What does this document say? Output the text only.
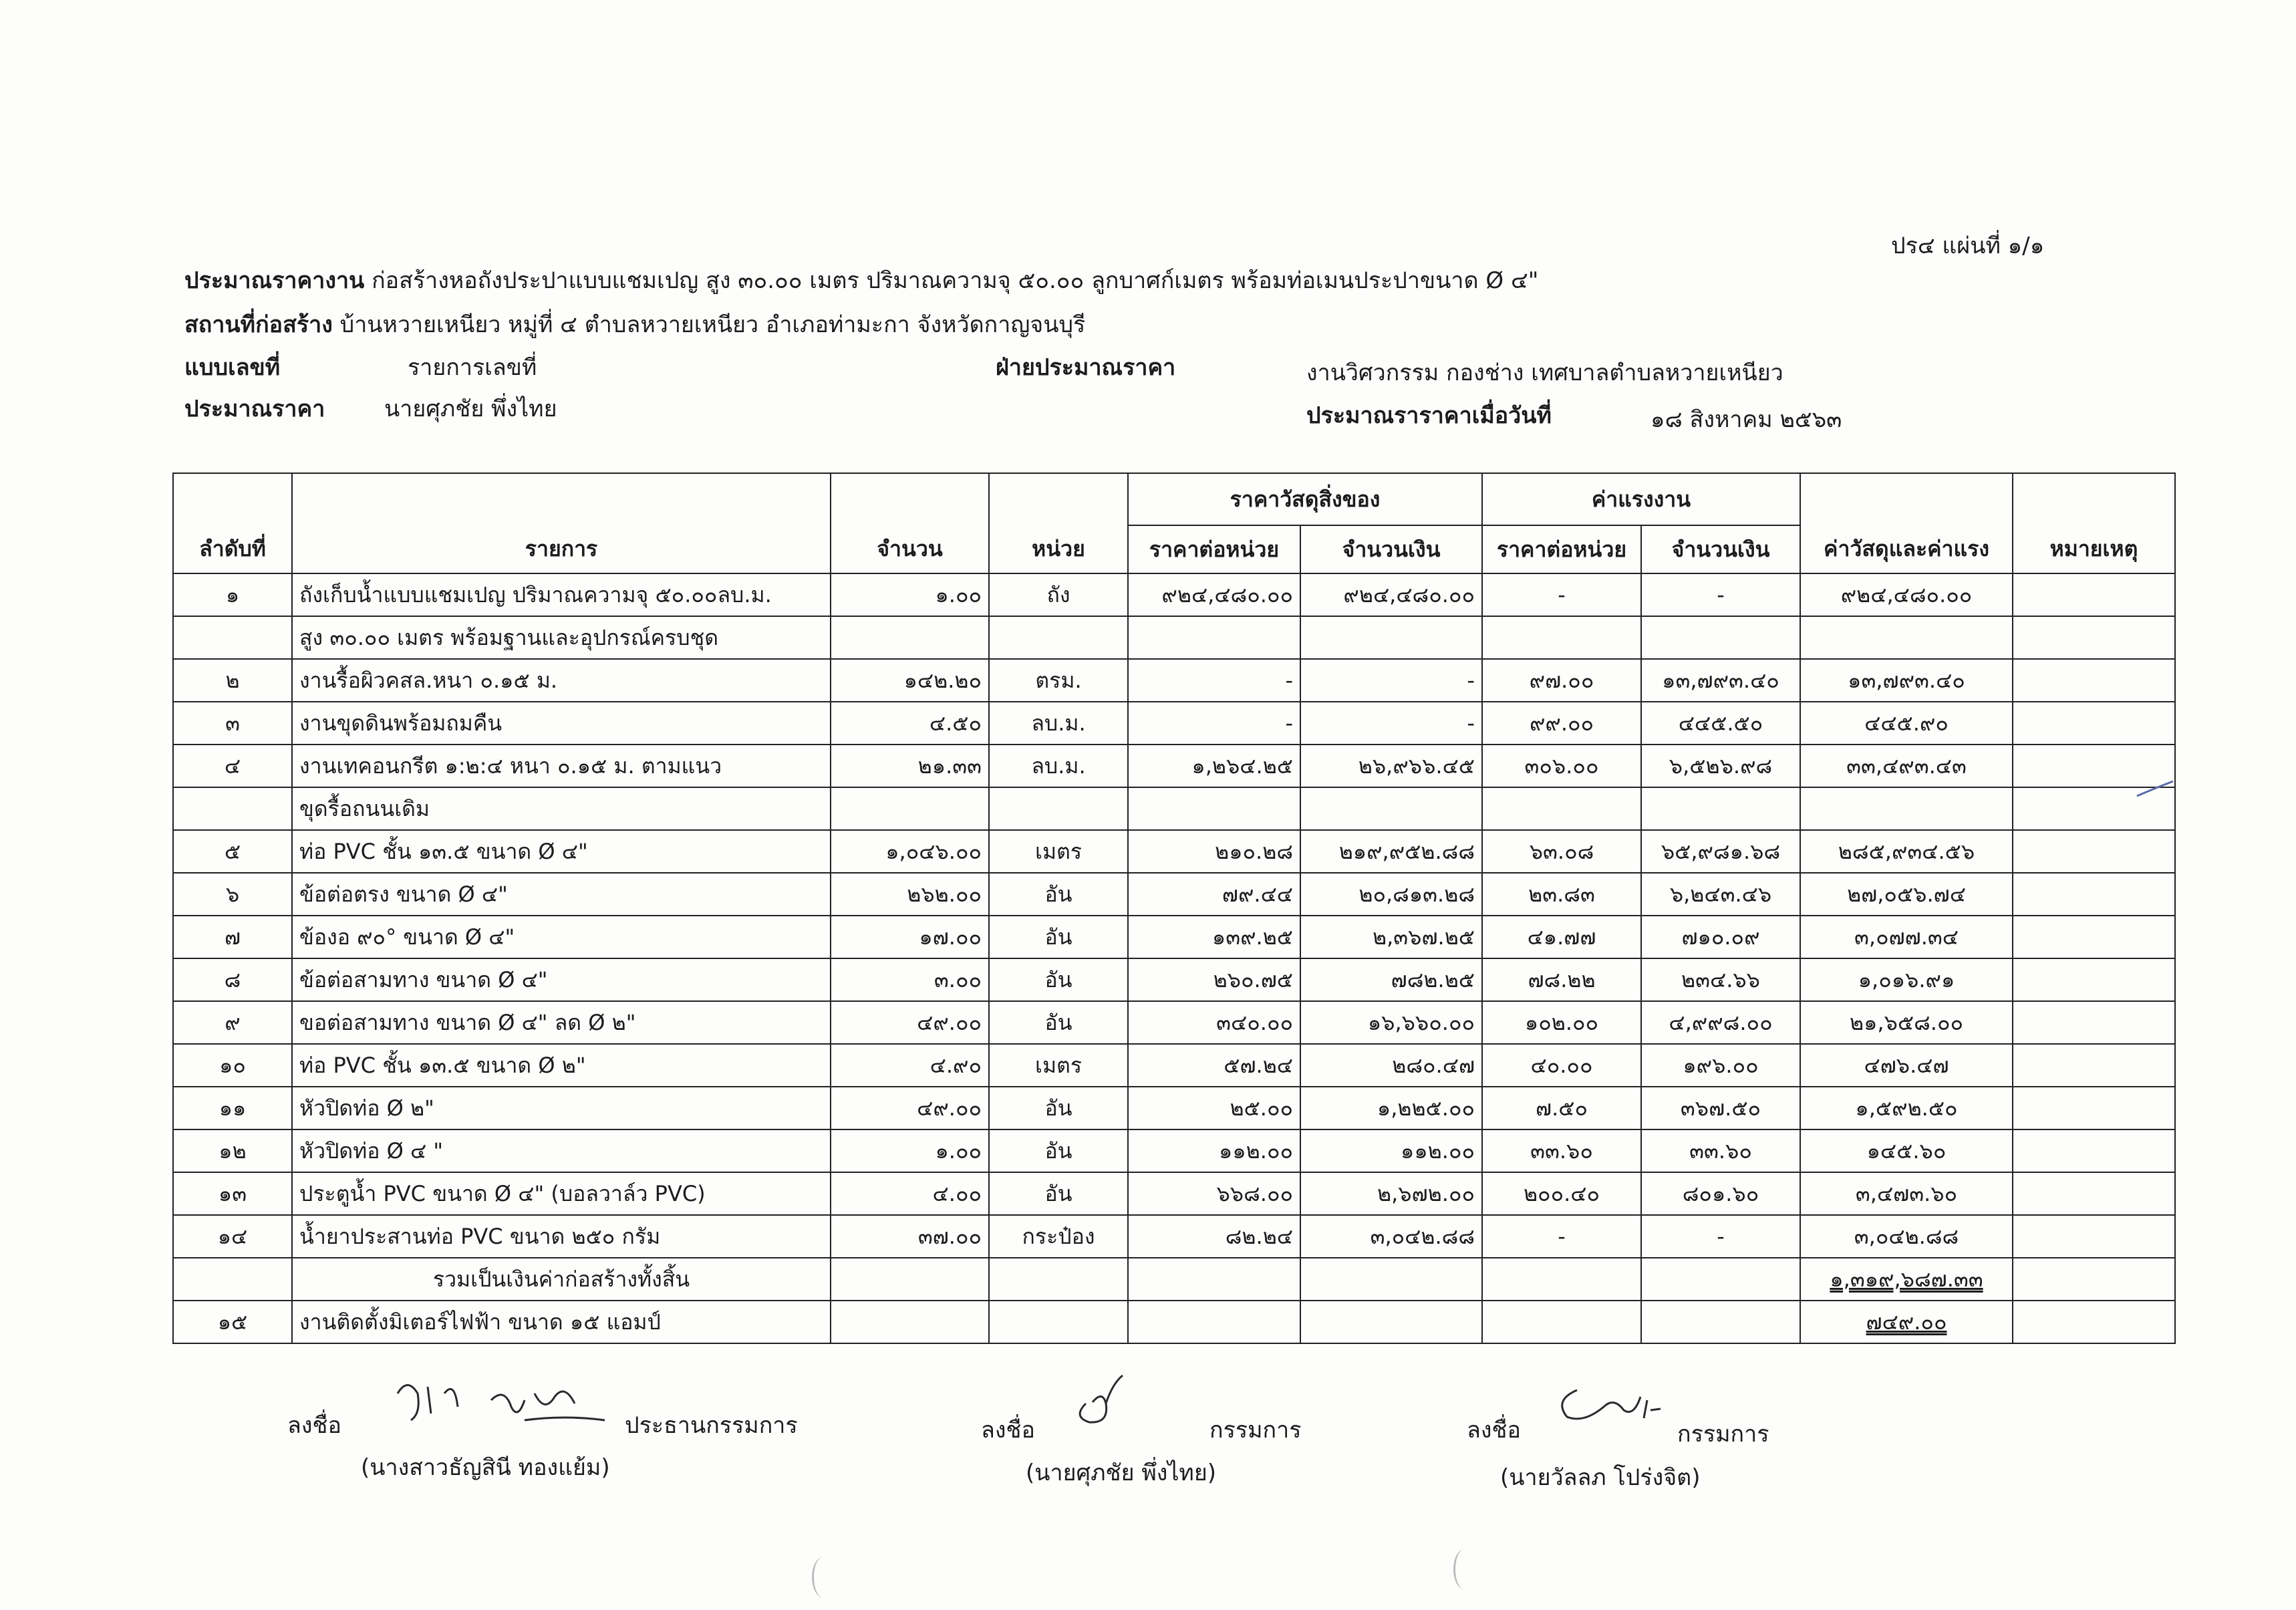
ปร๔ แผ่นที่ ๑/๑
ประมาณราคางาน ก่อสร้างหอถังประปาแบบแชมเปญ สูง ๓๐.๐๐ เมตร ปริมาณความจุ ๕๐.๐๐ ลูกบาศก์เมตร พร้อมท่อเมนประปาขนาด Ø ๔"
สถานที่ก่อสร้าง บ้านหวายเหนียว หมู่ที่ ๔ ตำบลหวายเหนียว อำเภอท่ามะกา จังหวัดกาญจนบุรี
แบบเลขที่	รายการเลขที่	ฝ่ายประมาณราคา	งานวิศวกรรม กองช่าง เทศบาลตำบลหวายเหนียว
ประมาณราคา	นายศุภชัย พึ่งไทย	ประมาณราราคาเมื่อวันที่	๑๘ สิงหาคม ๒๕๖๓
ลำดับที่	รายการ	จำนวน	หน่วย	ราคาวัสดุสิ่งของ		ค่าแรงงาน		ค่าวัสดุและค่าแรง	หมายเหตุ
				ราคาต่อหน่วย	จำนวนเงิน	ราคาต่อหน่วย	จำนวนเงิน		
๑	ถังเก็บน้ำแบบแชมเปญ ปริมาณความจุ ๕๐.๐๐ลบ.ม.	๑.๐๐	ถัง	๙๒๔,๔๘๐.๐๐	๙๒๔,๔๘๐.๐๐	-	-	๙๒๔,๔๘๐.๐๐	
	สูง ๓๐.๐๐ เมตร พร้อมฐานและอุปกรณ์ครบชุด								
๒	งานรื้อผิวคสล.หนา ๐.๑๕ ม.	๑๔๒.๒๐	ตรม.	-	-	๙๗.๐๐	๑๓,๗๙๓.๔๐	๑๓,๗๙๓.๔๐	
๓	งานขุดดินพร้อมถมคืน	๔.๕๐	ลบ.ม.	-	-	๙๙.๐๐	๔๔๕.๕๐	๔๔๕.๙๐	
๔	งานเทคอนกรีต ๑:๒:๔ หนา ๐.๑๕ ม. ตามแนว	๒๑.๓๓	ลบ.ม.	๑,๒๖๔.๒๕	๒๖,๙๖๖.๔๕	๓๐๖.๐๐	๖,๕๒๖.๙๘	๓๓,๔๙๓.๔๓	
	ขุดรื้อถนนเดิม								
๕	ท่อ PVC ชั้น ๑๓.๕ ขนาด Ø ๔"	๑,๐๔๖.๐๐	เมตร	๒๑๐.๒๘	๒๑๙,๙๕๒.๘๘	๖๓.๐๘	๖๕,๙๘๑.๖๘	๒๘๕,๙๓๔.๕๖	
๖	ข้อต่อตรง ขนาด Ø ๔"	๒๖๒.๐๐	อัน	๗๙.๔๔	๒๐,๘๑๓.๒๘	๒๓.๘๓	๖,๒๔๓.๔๖	๒๗,๐๕๖.๗๔	
๗	ข้องอ ๙๐° ขนาด Ø ๔"	๑๗.๐๐	อัน	๑๓๙.๒๕	๒,๓๖๗.๒๕	๔๑.๗๗	๗๑๐.๐๙	๓,๐๗๗.๓๔	
๘	ข้อต่อสามทาง ขนาด Ø ๔"	๓.๐๐	อัน	๒๖๐.๗๕	๗๘๒.๒๕	๗๘.๒๒	๒๓๔.๖๖	๑,๐๑๖.๙๑	
๙	ขอต่อสามทาง ขนาด Ø ๔" ลด Ø ๒"	๔๙.๐๐	อัน	๓๔๐.๐๐	๑๖,๖๖๐.๐๐	๑๐๒.๐๐	๔,๙๙๘.๐๐	๒๑,๖๕๘.๐๐	
๑๐	ท่อ PVC ชั้น ๑๓.๕ ขนาด Ø ๒"	๔.๙๐	เมตร	๕๗.๒๔	๒๘๐.๔๗	๔๐.๐๐	๑๙๖.๐๐	๔๗๖.๔๗	
๑๑	หัวปิดท่อ Ø ๒"	๔๙.๐๐	อัน	๒๕.๐๐	๑,๒๒๕.๐๐	๗.๕๐	๓๖๗.๕๐	๑,๕๙๒.๕๐	
๑๒	หัวปิดท่อ Ø ๔ "	๑.๐๐	อัน	๑๑๒.๐๐	๑๑๒.๐๐	๓๓.๖๐	๓๓.๖๐	๑๔๕.๖๐	
๑๓	ประตูน้ำ PVC ขนาด Ø ๔" (บอลวาล์ว PVC)	๔.๐๐	อัน	๖๖๘.๐๐	๒,๖๗๒.๐๐	๒๐๐.๔๐	๘๐๑.๖๐	๓,๔๗๓.๖๐	
๑๔	น้ำยาประสานท่อ PVC ขนาด ๒๕๐ กรัม	๓๗.๐๐	กระป๋อง	๘๒.๒๔	๓,๐๔๒.๘๘	-	-	๓,๐๔๒.๘๘	
	รวมเป็นเงินค่าก่อสร้างทั้งสิ้น							๑,๓๑๙,๖๘๗.๓๓	
๑๕	งานติดตั้งมิเตอร์ไฟฟ้า ขนาด ๑๕ แอมป์							๗๔๙.๐๐	
ลงชื่อ	ประธานกรรมการ
(นางสาวธัญสินี ทองแย้ม)
ลงชื่อ	กรรมการ
(นายศุภชัย พึ่งไทย)
ลงชื่อ	กรรมการ
(นายวัลลภ โปร่งจิต)
